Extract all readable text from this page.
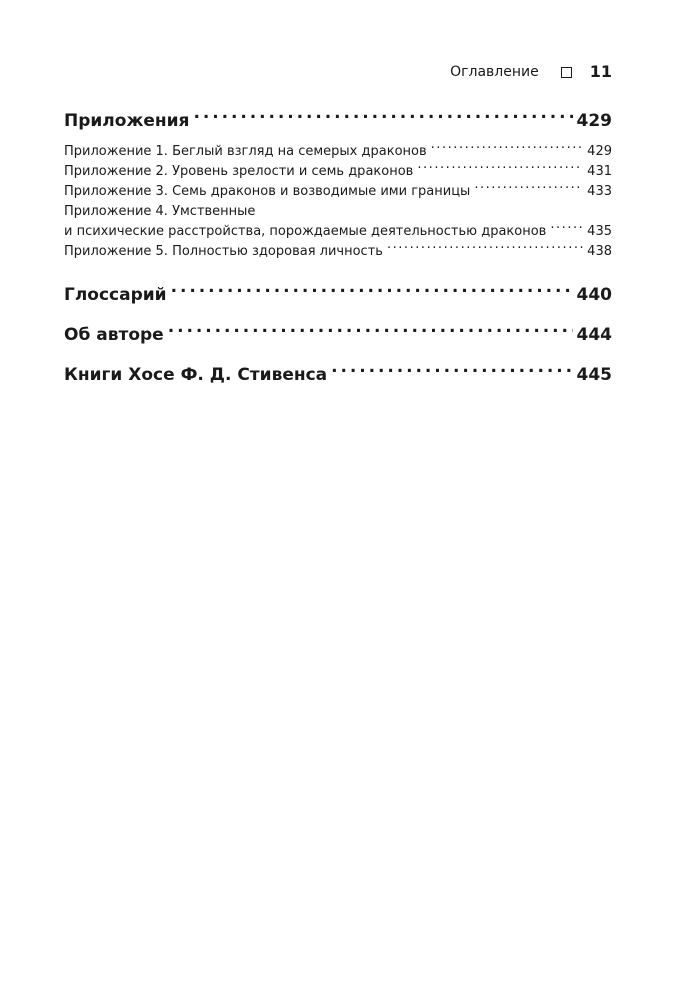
Оглавление	11
Приложения . . .	429
Приложение 1. Беглый взгляд на семерых драконов . . .	429
Приложение 2. Уровень зрелости и семь драконов . . .	431
Приложение 3. Семь драконов и возводимые ими границы . . .	433
Приложение 4. Умственные
и психические расстройства, порождаемые деятельностью драконов . . .	435
Приложение 5. Полностью здоровая личность . . .	438
Глоссарий . . .	440
Об авторе . . .	444
Книги Хосе Ф. Д. Стивенса . . .	445
